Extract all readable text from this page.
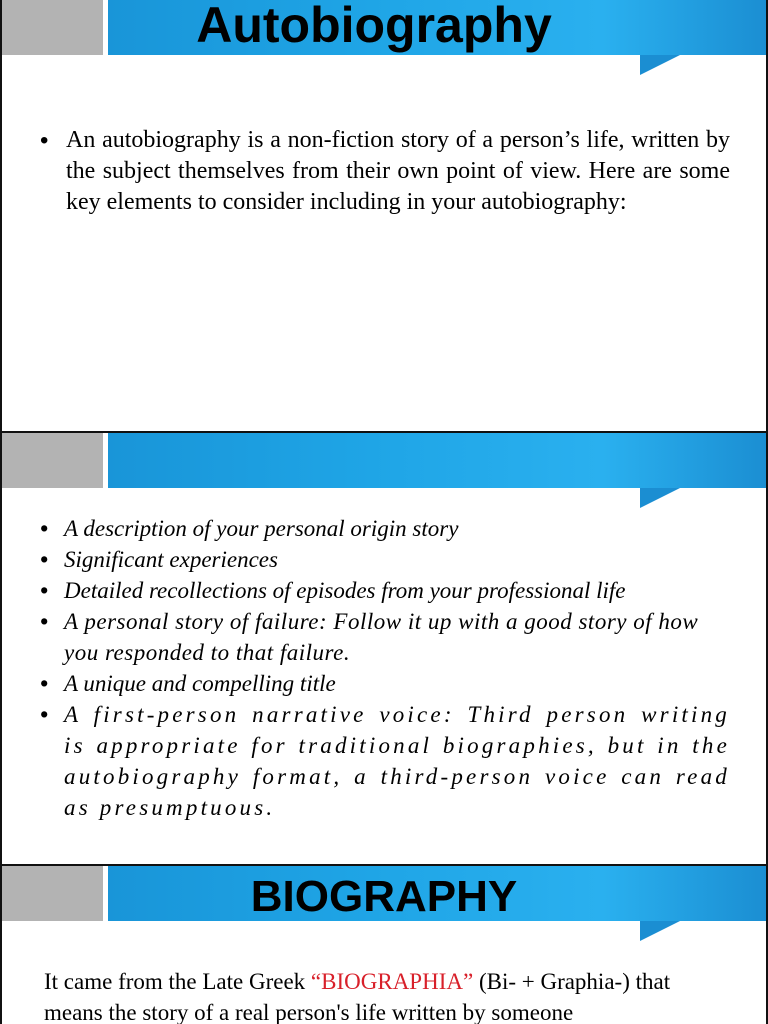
Autobiography
• An autobiography is a non-fiction story of a person’s life, written by the subject themselves from their own point of view. Here are some key elements to consider including in your autobiography:
• A description of your personal origin story
• Significant experiences
• Detailed recollections of episodes from your professional life
• A personal story of failure: Follow it up with a good story of how you responded to that failure.
• A unique and compelling title
• A first-person narrative voice: Third person writing is appropriate for traditional biographies, but in the autobiography format, a third-person voice can read as presumptuous.
BIOGRAPHY
It came from the Late Greek “BIOGRAPHIA” (Bi- + Graphia-) that means the story of a real person's life written by someone
